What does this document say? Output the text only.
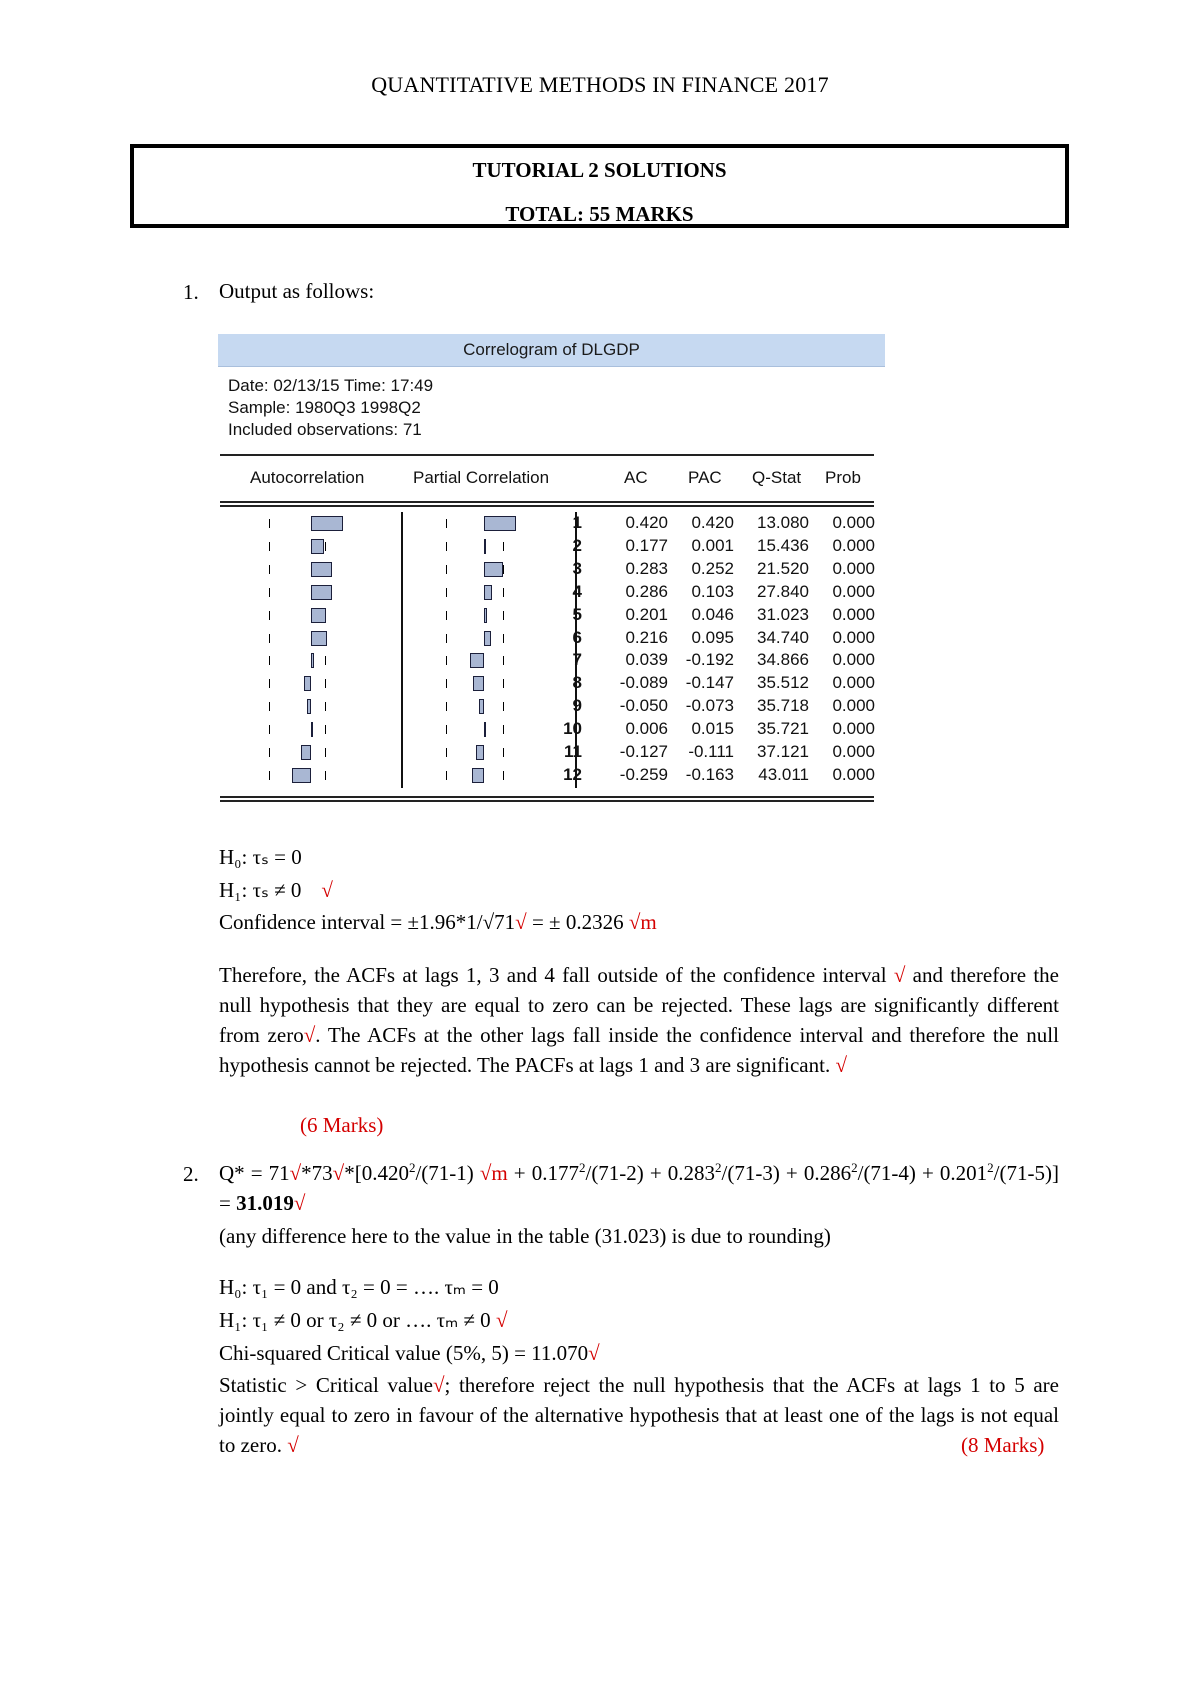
QUANTITATIVE METHODS IN FINANCE 2017
TUTORIAL 2 SOLUTIONS
TOTAL: 55 MARKS
1. Output as follows:
Correlogram of DLGDP
Date: 02/13/15 Time: 17:49
Sample: 1980Q3 1998Q2
Included observations: 71
Autocorrelation	Partial Correlation	AC PAC Q-Stat Prob
1	0.420	0.420	13.080	0.000
2	0.177	0.001	15.436	0.000
3	0.283	0.252	21.520	0.000
4	0.286	0.103	27.840	0.000
5	0.201	0.046	31.023	0.000
6	0.216	0.095	34.740	0.000
7	0.039	-0.192	34.866	0.000
8	-0.089	-0.147	35.512	0.000
9	-0.050	-0.073	35.718	0.000
10	0.006	0.015	35.721	0.000
11	-0.127	-0.111	37.121	0.000
12	-0.259	-0.163	43.011	0.000
H₀: τₛ = 0
H₁: τₛ ≠ 0 √
Confidence interval = ±1.96*1/√71√ = ± 0.2326 √m
Therefore, the ACFs at lags 1, 3 and 4 fall outside of the confidence interval √ and therefore the null hypothesis that they are equal to zero can be rejected. These lags are significantly different from zero√. The ACFs at the other lags fall inside the confidence interval and therefore the null hypothesis cannot be rejected. The PACFs at lags 1 and 3 are significant. √
(6 Marks)
2. $Q* = 71√*73√*[0.420^2/(71-1) √m + 0.177^2/(71-2) + 0.283^2/(71-3) + 0.286^2/(71-4) + 0.201^2/(71-5)] = 31.019√$
(any difference here to the value in the table (31.023) is due to rounding)
H₀: τ₁ = 0 and τ₂ = 0 = …. τₘ = 0
H₁: τ₁ ≠ 0 or τ₂ ≠ 0 or …. τₘ ≠ 0 √
Chi-squared Critical value (5%, 5) = 11.070√
Statistic > Critical value√; therefore reject the null hypothesis that the ACFs at lags 1 to 5 are jointly equal to zero in favour of the alternative hypothesis that at least one of the lags is not equal to zero. √	(8 Marks)
